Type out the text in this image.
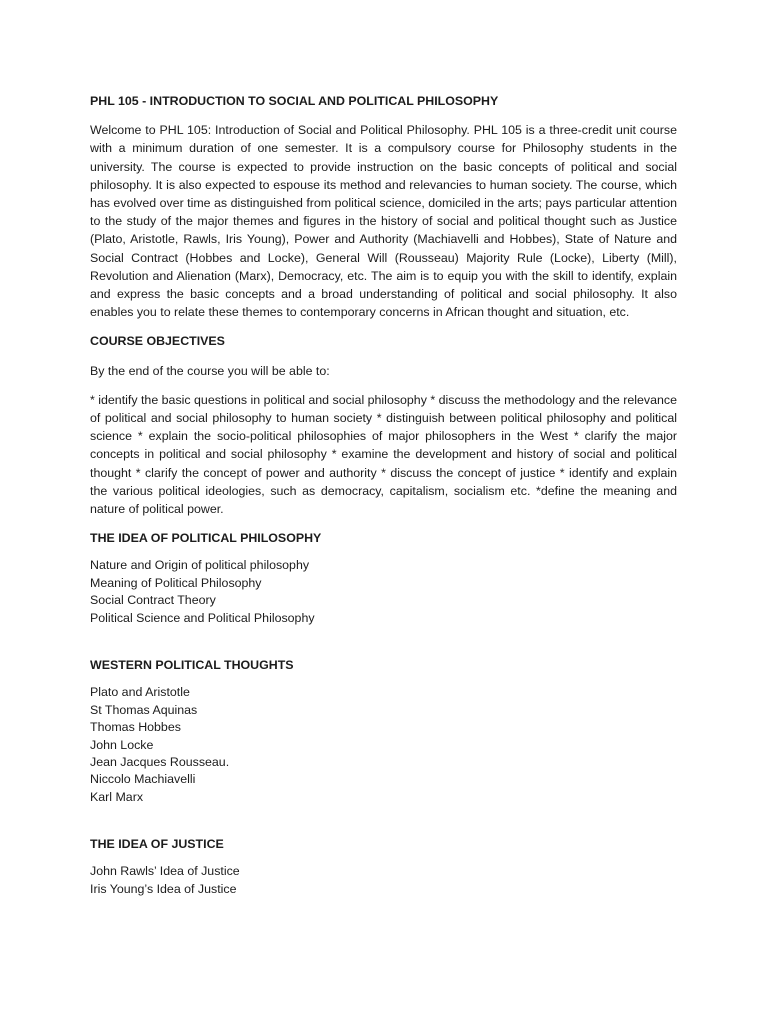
PHL 105 - INTRODUCTION TO SOCIAL AND POLITICAL PHILOSOPHY

Welcome to PHL 105: Introduction of Social and Political Philosophy. PHL 105 is a three-credit unit course with a minimum duration of one semester. It is a compulsory course for Philosophy students in the university. The course is expected to provide instruction on the basic concepts of political and social philosophy. It is also expected to espouse its method and relevancies to human society. The course, which has evolved over time as distinguished from political science, domiciled in the arts; pays particular attention to the study of the major themes and figures in the history of social and political thought such as Justice (Plato, Aristotle, Rawls, Iris Young), Power and Authority (Machiavelli and Hobbes), State of Nature and Social Contract (Hobbes and Locke), General Will (Rousseau) Majority Rule (Locke), Liberty (Mill), Revolution and Alienation (Marx), Democracy, etc. The aim is to equip you with the skill to identify, explain and express the basic concepts and a broad understanding of political and social philosophy. It also enables you to relate these themes to contemporary concerns in African thought and situation, etc.

COURSE OBJECTIVES

By the end of the course you will be able to:

* identify the basic questions in political and social philosophy * discuss the methodology and the relevance of political and social philosophy to human society * distinguish between political philosophy and political science * explain the socio-political philosophies of major philosophers in the West * clarify the major concepts in political and social philosophy * examine the development and history of social and political thought * clarify the concept of power and authority * discuss the concept of justice * identify and explain the various political ideologies, such as democracy, capitalism, socialism etc. *define the meaning and nature of political power.

THE IDEA OF POLITICAL PHILOSOPHY
Nature and Origin of political philosophy
Meaning of Political Philosophy
Social Contract Theory
Political Science and Political Philosophy
WESTERN POLITICAL THOUGHTS
Plato and Aristotle
St Thomas Aquinas
Thomas Hobbes
John Locke
Jean Jacques Rousseau.
Niccolo Machiavelli
Karl Marx
THE IDEA OF JUSTICE
John Rawls’ Idea of Justice
Iris Young’s Idea of Justice
